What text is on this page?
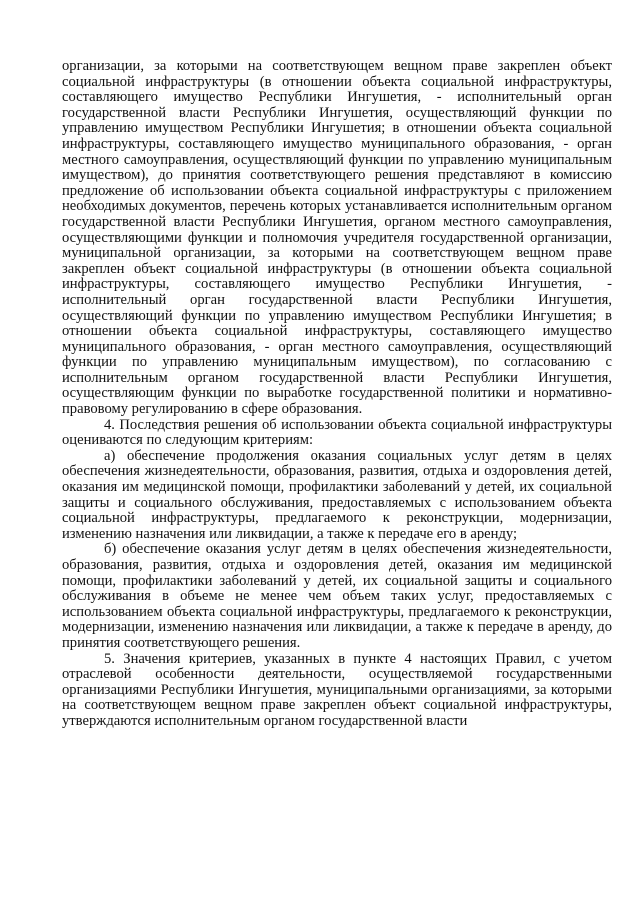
организации, за которыми на соответствующем вещном праве закреплен объект социальной инфраструктуры (в отношении объекта социальной инфраструктуры, составляющего имущество Республики Ингушетия, - исполнительный орган государственной власти Республики Ингушетия, осуществляющий функции по управлению имуществом Республики Ингушетия; в отношении объекта социальной инфраструктуры, составляющего имущество муниципального образования, - орган местного самоуправления, осуществляющий функции по управлению муниципальным имуществом), до принятия соответствующего решения представляют в комиссию предложение об использовании объекта социальной инфраструктуры с приложением необходимых документов, перечень которых устанавливается исполнительным органом государственной власти Республики Ингушетия, органом местного самоуправления, осуществляющими функции и полномочия учредителя государственной организации, муниципальной организации, за которыми на соответствующем вещном праве закреплен объект социальной инфраструктуры (в отношении объекта социальной инфраструктуры, составляющего имущество Республики Ингушетия, - исполнительный орган государственной власти Республики Ингушетия, осуществляющий функции по управлению имуществом Республики Ингушетия; в отношении объекта социальной инфраструктуры, составляющего имущество муниципального образования, - орган местного самоуправления, осуществляющий функции по управлению муниципальным имуществом), по согласованию с исполнительным органом государственной власти Республики Ингушетия, осуществляющим функции по выработке государственной политики и нормативно-правовому регулированию в сфере образования.

4. Последствия решения об использовании объекта социальной инфраструктуры оцениваются по следующим критериям:

а) обеспечение продолжения оказания социальных услуг детям в целях обеспечения жизнедеятельности, образования, развития, отдыха и оздоровления детей, оказания им медицинской помощи, профилактики заболеваний у детей, их социальной защиты и социального обслуживания, предоставляемых с использованием объекта социальной инфраструктуры, предлагаемого к реконструкции, модернизации, изменению назначения или ликвидации, а также к передаче его в аренду;

б) обеспечение оказания услуг детям в целях обеспечения жизнедеятельности, образования, развития, отдыха и оздоровления детей, оказания им медицинской помощи, профилактики заболеваний у детей, их социальной защиты и социального обслуживания в объеме не менее чем объем таких услуг, предоставляемых с использованием объекта социальной инфраструктуры, предлагаемого к реконструкции, модернизации, изменению назначения или ликвидации, а также к передаче в аренду, до принятия соответствующего решения.

5. Значения критериев, указанных в пункте 4 настоящих Правил, с учетом отраслевой особенности деятельности, осуществляемой государственными организациями Республики Ингушетия, муниципальными организациями, за которыми на соответствующем вещном праве закреплен объект социальной инфраструктуры, утверждаются исполнительным органом государственной власти
